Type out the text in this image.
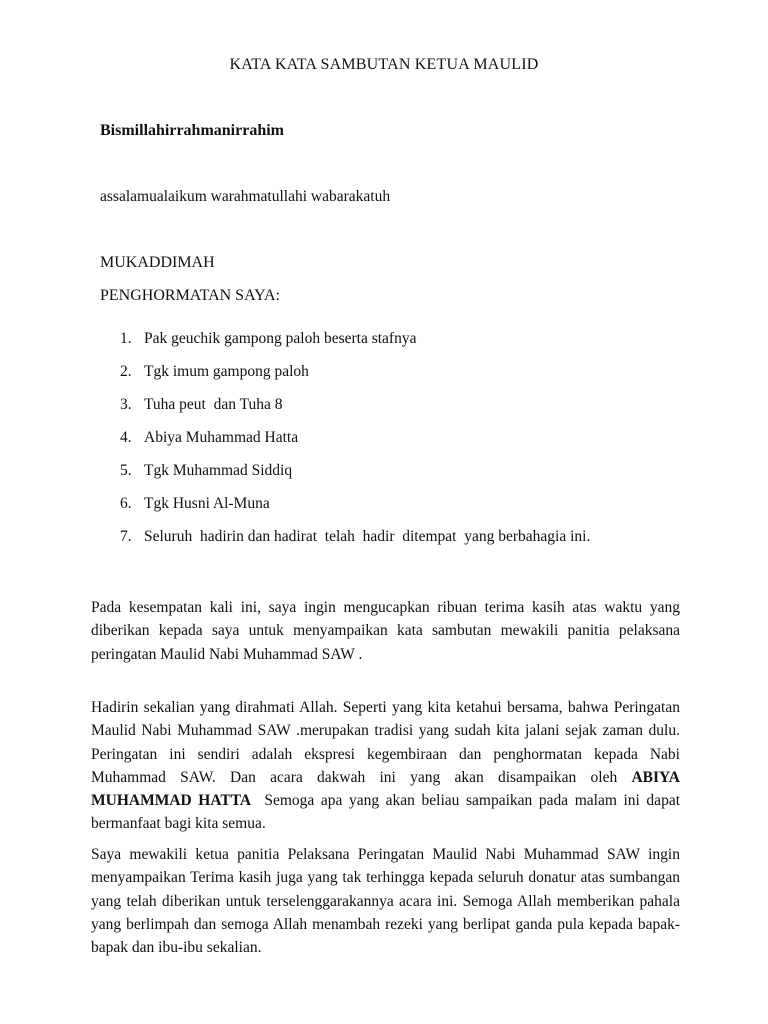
KATA KATA SAMBUTAN KETUA MAULID
Bismillahirrahmanirrahim
assalamualaikum warahmatullahi wabarakatuh
MUKADDIMAH
PENGHORMATAN SAYA:
1. Pak geuchik gampong paloh beserta stafnya
2. Tgk imum gampong paloh
3. Tuha peut  dan Tuha 8
4. Abiya Muhammad Hatta
5. Tgk Muhammad Siddiq
6. Tgk Husni Al-Muna
7. Seluruh  hadirin dan hadirat  telah  hadir  ditempat  yang berbahagia ini.

Pada kesempatan kali ini, saya ingin mengucapkan ribuan terima kasih atas waktu yang diberikan kepada saya untuk menyampaikan kata sambutan mewakili panitia pelaksana peringatan Maulid Nabi Muhammad SAW .

Hadirin sekalian yang dirahmati Allah. Seperti yang kita ketahui bersama, bahwa Peringatan Maulid Nabi Muhammad SAW .merupakan tradisi yang sudah kita jalani sejak zaman dulu. Peringatan ini sendiri adalah ekspresi kegembiraan dan penghormatan kepada Nabi Muhammad SAW. Dan acara dakwah ini yang akan disampaikan oleh ABIYA MUHAMMAD HATTA  Semoga apa yang akan beliau sampaikan pada malam ini dapat bermanfaat bagi kita semua.

Saya mewakili ketua panitia Pelaksana Peringatan Maulid Nabi Muhammad SAW ingin menyampaikan Terima kasih juga yang tak terhingga kepada seluruh donatur atas sumbangan yang telah diberikan untuk terselenggarakannya acara ini. Semoga Allah memberikan pahala yang berlimpah dan semoga Allah menambah rezeki yang berlipat ganda pula kepada bapak-bapak dan ibu-ibu sekalian.
